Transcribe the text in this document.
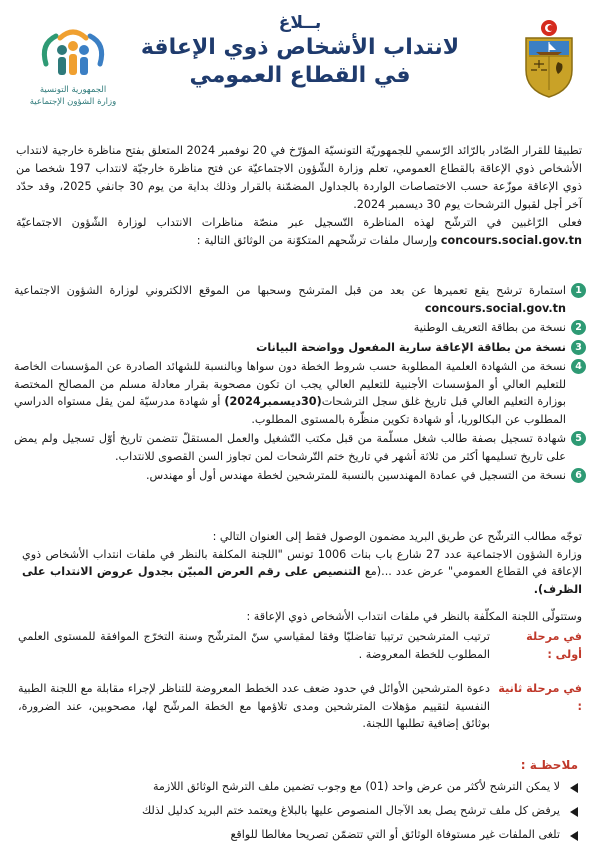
بــلاغ
لانتداب الأشخاص ذوي الإعاقة
في القطاع العمومي
الجمهورية التونسية
وزارة الشؤون الإجتماعية

تطبيقا للقرار الصّادر بالرّائد الرّسمي للجمهوريّة التونسيّة المؤرّخ في 20 نوفمبر 2024 المتعلق بفتح مناظرة خارجية لانتداب الأشخاص ذوي الإعاقة بالقطاع العمومي، تعلم وزارة الشّؤون الاجتماعيّة عن فتح مناظرة خارجيّة لانتداب 197 شخصا من ذوي الإعاقة موزّعة حسب الاختصاصات الواردة بالجداول المضمّنة بالقرار وذلك بداية من يوم 30 جانفي 2025، وقد حدّد آخر أجل لقبول الترشحات يوم 30 ديسمبر 2024.

فعلى الرّاغبين في الترشّح لهذه المناظرة التّسجيل عبر منصّة مناظرات الانتداب لوزارة الشّؤون الاجتماعيّة concours.social.gov.tn وإرسال ملفات ترشّحهم المتكوّنة من الوثائق التالية :

1
استمارة ترشح يقع تعميرها عن بعد من قبل المترشح وسحبها من الموقع الالكتروني لوزارة الشؤون الاجتماعية concours.social.gov.tn
2
نسخة من بطاقة التعريف الوطنية
3
نسخة من بطاقة الإعاقة سارية المفعول وواضحة البيانات
4
نسخة من الشهادة العلمية المطلوبة حسب شروط الخطة دون سواها وبالنسبة للشهائد الصادرة عن المؤسسات الخاصة للتعليم العالي أو المؤسسات الأجنبية للتعليم العالي يجب ان تكون مصحوبة بقرار معادلة مسلم من المصالح المختصة بوزارة التعليم العالي قبل تاريخ غلق سجل الترشحات(30ديسمبر2024) أو شهادة مدرسيّة لمن يقل مستواه الدراسي المطلوب عن البكالوريا، أو شهادة تكوين منظّرة بالمستوى المطلوب.
5
شهادة تسجيل بصفة طالب شغل مسلّمة من قبل مكتب التّشغيل والعمل المستقلّ تتضمن تاريخ أوّل تسجيل ولم يمض على تاريخ تسليمها أكثر من ثلاثة أشهر في تاريخ ختم التّرشحات لمن تجاوز السن القصوى للانتداب.
6
نسخة من التسجيل في عمادة المهندسين بالنسبة للمترشحين لخطة مهندس أول أو مهندس.

توجّه مطالب الترشّح عن طريق البريد مضمون الوصول فقط إلى العنوان التالي :

وزارة الشؤون الاجتماعية عدد 27 شارع باب بنات 1006 تونس "اللجنة المكلفة بالنظر في ملفات انتداب الأشخاص ذوي الإعاقة في القطاع العمومي" عرض عدد ...(مع التنصيص على رقم العرض المبيّن بجدول عروض الانتداب على الظرف).

وستتولّى اللجنة المكلّفة بالنظر في ملفات انتداب الأشخاص ذوي الإعاقة :
في مرحلة أولى :
ترتيب المترشحين ترتيبا تفاضليّا وفقا لمقياسي سنّ المترشّح وسنة التخرّج الموافقة للمستوى العلمي المطلوب للخطة المعروضة .
في مرحلة ثانية :
دعوة المترشحين الأوائل في حدود ضعف عدد الخطط المعروضة للتناظر لإجراء مقابلة مع اللجنة الطبية النفسية لتقييم مؤهلات المترشحين ومدى تلاؤمها مع الخطة المرشّح لها، مصحوبين، عند الضرورة، بوثائق إضافية تطلبها اللجنة.
ملاحظـة :
لا يمكن الترشح لأكثر من عرض واحد (01) مع وجوب تضمين ملف الترشح الوثائق اللازمة
يرفض كل ملف ترشح يصل بعد الآجال المنصوص عليها بالبلاغ ويعتمد ختم البريد كدليل لذلك
تلغى الملفات غير مستوفاة الوثائق أو التي تتضمّن تصريحا مغالطا للواقع
